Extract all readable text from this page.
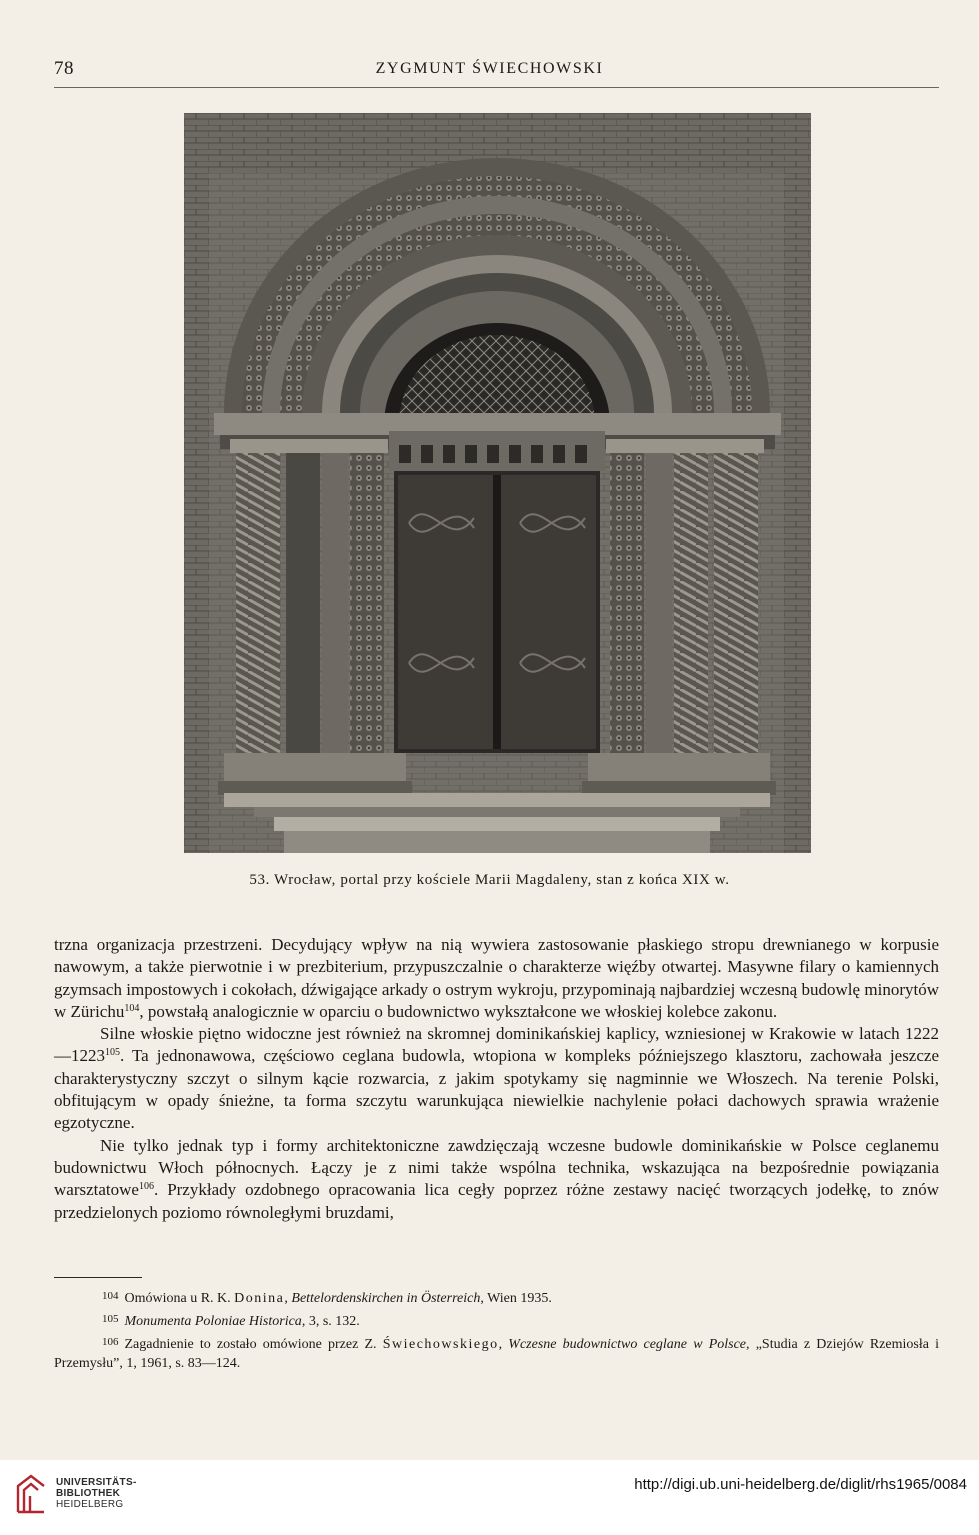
78	ZYGMUNT ŚWIECHOWSKI
53. Wrocław, portal przy kościele Marii Magdaleny, stan z końca XIX w.

trzna organizacja przestrzeni. Decydujący wpływ na nią wywiera zastosowanie płaskiego stropu drewnianego w korpusie nawowym, a także pierwotnie i w prezbiterium, przypuszczalnie o charakterze więźby otwartej. Masywne filary o kamiennych gzymsach impostowych i cokołach, dźwigające arkady o ostrym wykroju, przypominają najbardziej wczesną budowlę minorytów w Zürichu$^{104}$, powstałą analogicznie w oparciu o budownictwo wykształcone we włoskiej kolebce zakonu.

Silne włoskie piętno widoczne jest również na skromnej dominikańskiej kaplicy, wzniesionej w Krakowie w latach 1222—1223$^{105}$. Ta jednonawowa, częściowo ceglana budowla, wtopiona w kompleks późniejszego klasztoru, zachowała jeszcze charakterystyczny szczyt o silnym kącie rozwarcia, z jakim spotykamy się nagminnie we Włoszech. Na terenie Polski, obfitującym w opady śnieżne, ta forma szczytu warunkująca niewielkie nachylenie połaci dachowych sprawia wrażenie egzotyczne.

Nie tylko jednak typ i formy architektoniczne zawdzięczają wczesne budowle dominikańskie w Polsce ceglanemu budownictwu Włoch północnych. Łączy je z nimi także wspólna technika, wskazująca na bezpośrednie powiązania warsztatowe$^{106}$. Przykłady ozdobnego opracowania lica cegły poprzez różne zestawy nacięć tworzących jodełkę, to znów przedzielonych poziomo równoległymi bruzdami,

$^{104}$ Omówiona u R. K. Donina, Bettelordenskirchen in Österreich, Wien 1935.

$^{105}$ Monumenta Poloniae Historica, 3, s. 132.

$^{106}$ Zagadnienie to zostało omówione przez Z. Świechowskiego, Wczesne budownictwo ceglane w Polsce, „Studia z Dziejów Rzemiosła i Przemysłu”, 1, 1961, s. 83—124.

UNIVERSITÄTS-
BIBLIOTHEK
HEIDELBERG
http://digi.ub.uni-heidelberg.de/diglit/rhs1965/0084
